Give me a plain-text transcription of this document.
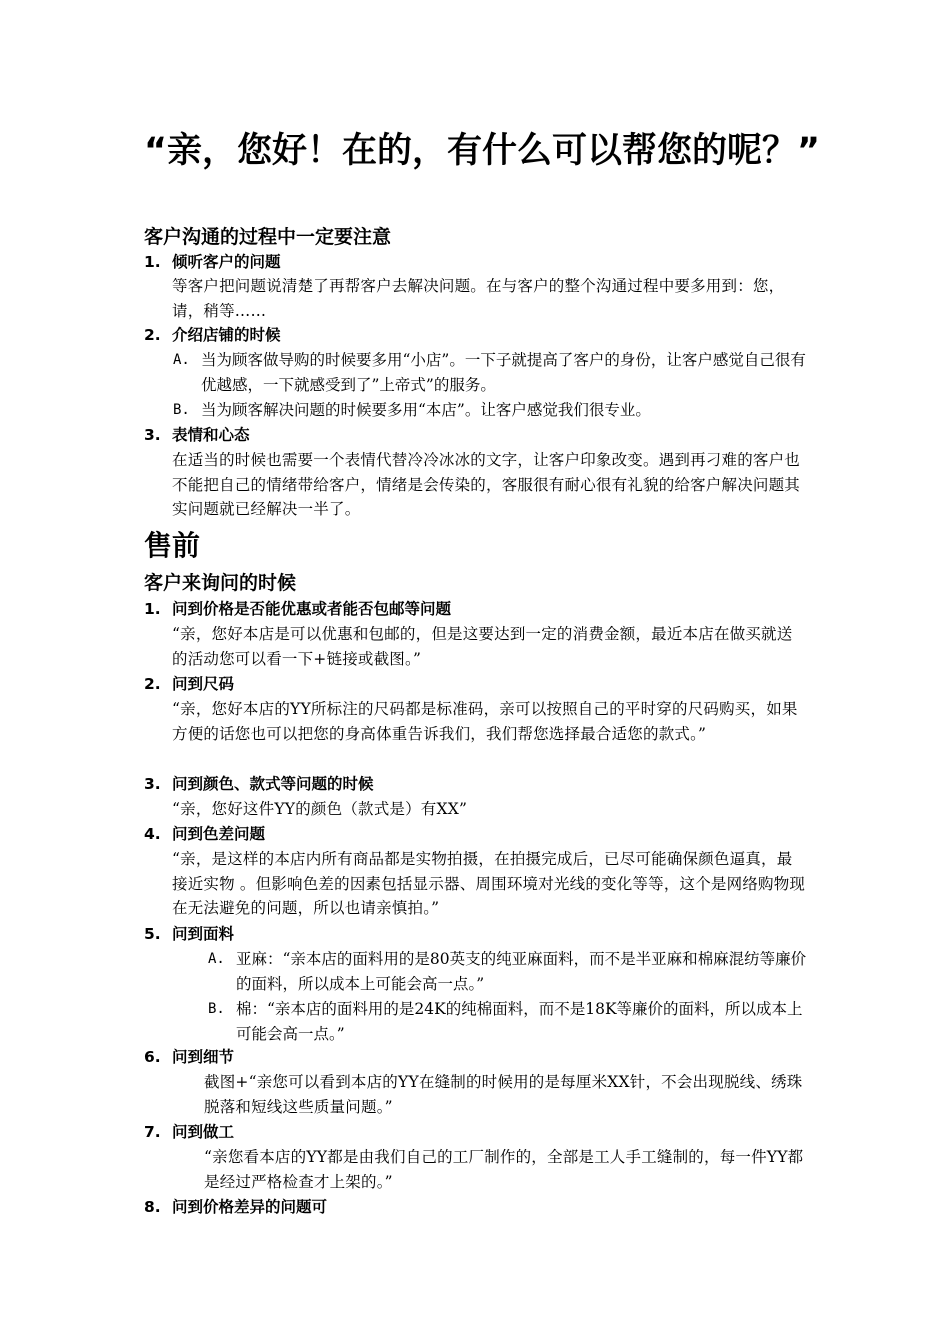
“亲，您好！在的，有什么可以帮您的呢？”
客户沟通的过程中一定要注意

1. 倾听客户的问题

等客户把问题说清楚了再帮客户去解决问题。在与客户的整个沟通过程中要多用到：您，请，稍等……

2. 介绍店铺的时候

A. 当为顾客做导购的时候要多用“小店”。一下子就提高了客户的身份，让客户感觉自己很有优越感，一下就感受到了”上帝式”的服务。
B. 当为顾客解决问题的时候要多用“本店”。让客户感觉我们很专业。

3. 表情和心态

在适当的时候也需要一个表情代替冷冷冰冰的文字，让客户印象改变。遇到再刁难的客户也不能把自己的情绪带给客户，情绪是会传染的，客服很有耐心很有礼貌的给客户解决问题其实问题就已经解决一半了。

售前
客户来询问的时候

1. 问到价格是否能优惠或者能否包邮等问题

“亲，您好本店是可以优惠和包邮的，但是这要达到一定的消费金额，最近本店在做买就送的活动您可以看一下+链接或截图。”

2. 问到尺码

“亲，您好本店的YY所标注的尺码都是标准码，亲可以按照自己的平时穿的尺码购买，如果方便的话您也可以把您的身高体重告诉我们，我们帮您选择最合适您的款式。”

3. 问到颜色、款式等问题的时候

“亲，您好这件YY的颜色（款式是）有XX”

4. 问到色差问题

“亲，是这样的本店内所有商品都是实物拍摄，在拍摄完成后，已尽可能确保颜色逼真，最接近实物 。但影响色差的因素包括显示器、周围环境对光线的变化等等，这个是网络购物现在无法避免的问题，所以也请亲慎拍。”

5. 问到面料

A. 亚麻：“亲本店的面料用的是80英支的纯亚麻面料，而不是半亚麻和棉麻混纺等廉价的面料，所以成本上可能会高一点。”
B. 棉：“亲本店的面料用的是24K的纯棉面料，而不是18K等廉价的面料，所以成本上可能会高一点。”

6. 问到细节

截图+“亲您可以看到本店的YY在缝制的时候用的是每厘米XX针，不会出现脱线、绣珠脱落和短线这些质量问题。”

7. 问到做工

“亲您看本店的YY都是由我们自己的工厂制作的，全部是工人手工缝制的，每一件YY都是经过严格检查才上架的。”

8. 问到价格差异的问题可
